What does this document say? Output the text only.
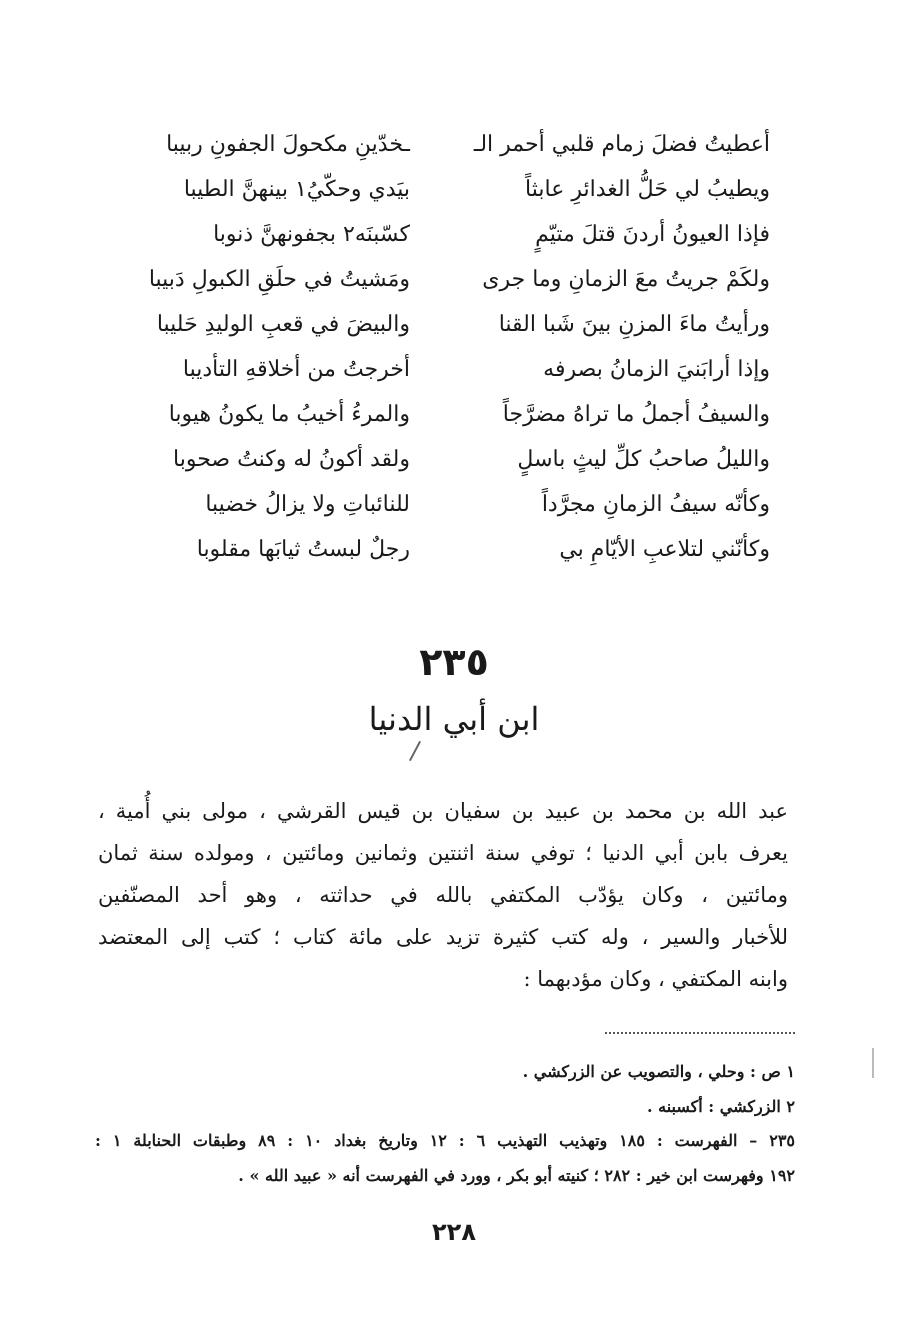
أعطيتُ فضلَ زمام قلبي أحمر الـ
ـخدّينِ مكحولَ الجفونِ ربيبا
ويطيبُ لي حَلُّ الغدائرِ عابثاً
بيَدي وحكّيُ١ بينهنَّ الطيبا
فإذا العيونُ أردنَ قتلَ متيّمٍ
كسّبنَه٢ بجفونهنَّ ذنوبا
ولكَمْ جريتُ معَ الزمانِ وما جرى
ومَشيتُ في حلَقِ الكبولِ دَبيبا
ورأيتُ ماءَ المزنِ بينَ شَبا القنا
والبيضَ في قعبِ الوليدِ حَليبا
وإذا أرابَنيَ الزمانُ بصرفه
أخرجتُ من أخلاقهِ التأديبا
والسيفُ أجملُ ما تراهُ مضرَّجاً
والمرءُ أخيبُ ما يكونُ هيوبا
والليلُ صاحبُ كلِّ ليثٍ باسلٍ
ولقد أكونُ له وكنتُ صحوبا
وكأنّه سيفُ الزمانِ مجرَّداً
للنائباتِ ولا يزالُ خضيبا
وكأنّني لتلاعبِ الأيّامِ بي
رجلٌ لبستُ ثيابَها مقلوبا
٢٣٥
ابن أبي الدنيا
عبد الله بن محمد بن عبيد بن سفيان بن قيس القرشي ، مولى بني أُمية ،
يعرف بابن أبي الدنيا ؛ توفي سنة اثنتين وثمانين ومائتين ، ومولده سنة ثمان
ومائتين ، وكان يؤدّب المكتفي بالله في حداثته ، وهو أحد المصنّفين
للأخبار والسير ، وله كتب كثيرة تزيد على مائة كتاب ؛ كتب إلى المعتضد
وابنه المكتفي ، وكان مؤدبهما :
١ ص : وحلي ، والتصويب عن الزركشي .
٢ الزركشي : أكسبنه .
٢٣٥ – الفهرست : ١٨٥ وتهذيب التهذيب ٦ : ١٢ وتاريخ بغداد ١٠ : ٨٩ وطبقات الحنابلة ١ :
١٩٢ وفهرست ابن خير : ٢٨٢ ؛ كنيته أبو بكر ، وورد في الفهرست أنه « عبيد الله » .
٢٢٨
